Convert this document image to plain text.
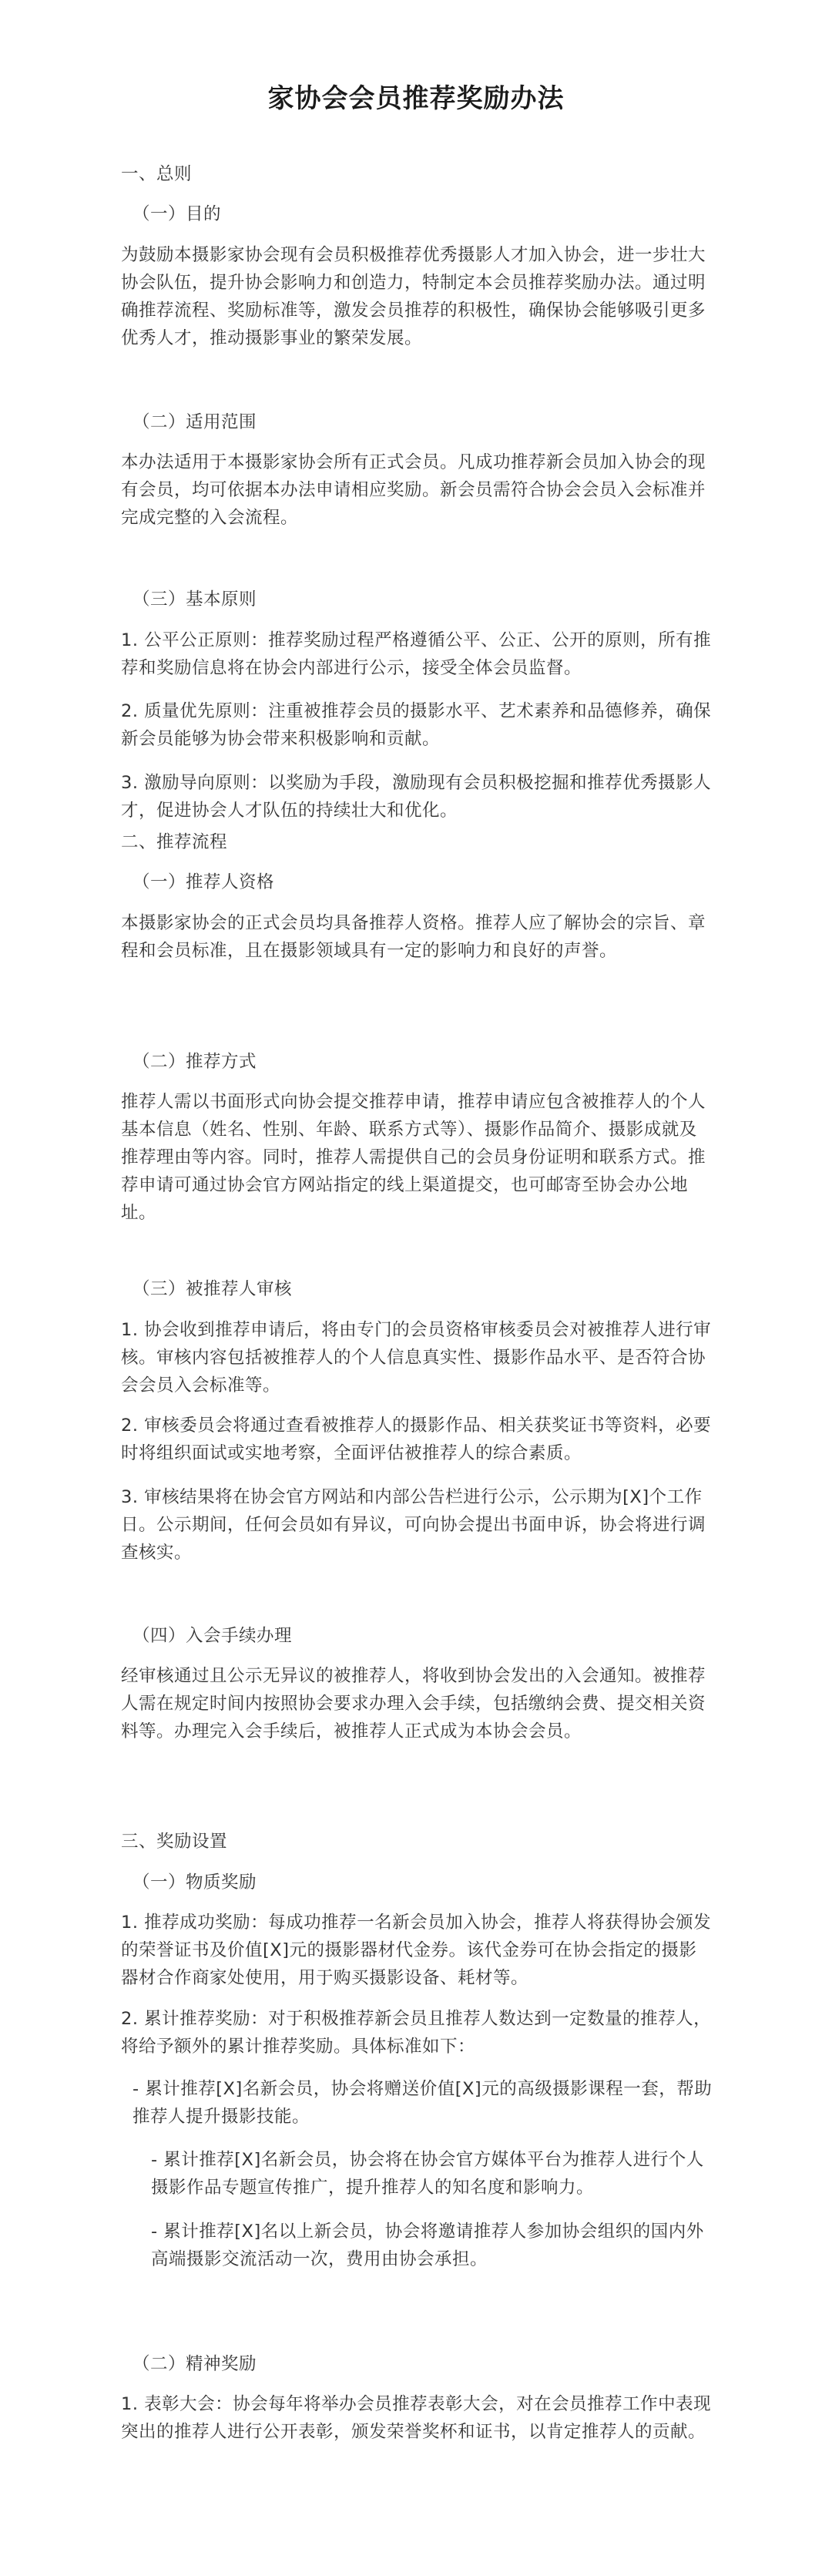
家协会会员推荐奖励办法

一、总则

（一）目的

为鼓励本摄影家协会现有会员积极推荐优秀摄影人才加入协会，进一步壮大协会队伍，提升协会影响力和创造力，特制定本会员推荐奖励办法。通过明确推荐流程、奖励标准等，激发会员推荐的积极性，确保协会能够吸引更多优秀人才，推动摄影事业的繁荣发展。

（二）适用范围

本办法适用于本摄影家协会所有正式会员。凡成功推荐新会员加入协会的现有会员，均可依据本办法申请相应奖励。新会员需符合协会会员入会标准并完成完整的入会流程。

（三）基本原则

1. 公平公正原则：推荐奖励过程严格遵循公平、公正、公开的原则，所有推荐和奖励信息将在协会内部进行公示，接受全体会员监督。

2. 质量优先原则：注重被推荐会员的摄影水平、艺术素养和品德修养，确保新会员能够为协会带来积极影响和贡献。

3. 激励导向原则：以奖励为手段，激励现有会员积极挖掘和推荐优秀摄影人才，促进协会人才队伍的持续壮大和优化。

二、推荐流程

（一）推荐人资格

本摄影家协会的正式会员均具备推荐人资格。推荐人应了解协会的宗旨、章程和会员标准，且在摄影领域具有一定的影响力和良好的声誉。

（二）推荐方式

推荐人需以书面形式向协会提交推荐申请，推荐申请应包含被推荐人的个人基本信息（姓名、性别、年龄、联系方式等）、摄影作品简介、摄影成就及推荐理由等内容。同时，推荐人需提供自己的会员身份证明和联系方式。推荐申请可通过协会官方网站指定的线上渠道提交，也可邮寄至协会办公地址。

（三）被推荐人审核

1. 协会收到推荐申请后，将由专门的会员资格审核委员会对被推荐人进行审核。审核内容包括被推荐人的个人信息真实性、摄影作品水平、是否符合协会会员入会标准等。

2. 审核委员会将通过查看被推荐人的摄影作品、相关获奖证书等资料，必要时将组织面试或实地考察，全面评估被推荐人的综合素质。

3. 审核结果将在协会官方网站和内部公告栏进行公示，公示期为[X]个工作日。公示期间，任何会员如有异议，可向协会提出书面申诉，协会将进行调查核实。

（四）入会手续办理

经审核通过且公示无异议的被推荐人，将收到协会发出的入会通知。被推荐人需在规定时间内按照协会要求办理入会手续，包括缴纳会费、提交相关资料等。办理完入会手续后，被推荐人正式成为本协会会员。

三、奖励设置

（一）物质奖励

1. 推荐成功奖励：每成功推荐一名新会员加入协会，推荐人将获得协会颁发的荣誉证书及价值[X]元的摄影器材代金券。该代金券可在协会指定的摄影器材合作商家处使用，用于购买摄影设备、耗材等。

2. 累计推荐奖励：对于积极推荐新会员且推荐人数达到一定数量的推荐人，将给予额外的累计推荐奖励。具体标准如下：

- 累计推荐[X]名新会员，协会将赠送价值[X]元的高级摄影课程一套，帮助推荐人提升摄影技能。

- 累计推荐[X]名新会员，协会将在协会官方媒体平台为推荐人进行个人摄影作品专题宣传推广，提升推荐人的知名度和影响力。

- 累计推荐[X]名以上新会员，协会将邀请推荐人参加协会组织的国内外高端摄影交流活动一次，费用由协会承担。

（二）精神奖励

1. 表彰大会：协会每年将举办会员推荐表彰大会，对在会员推荐工作中表现突出的推荐人进行公开表彰，颁发荣誉奖杯和证书，以肯定推荐人的贡献。
